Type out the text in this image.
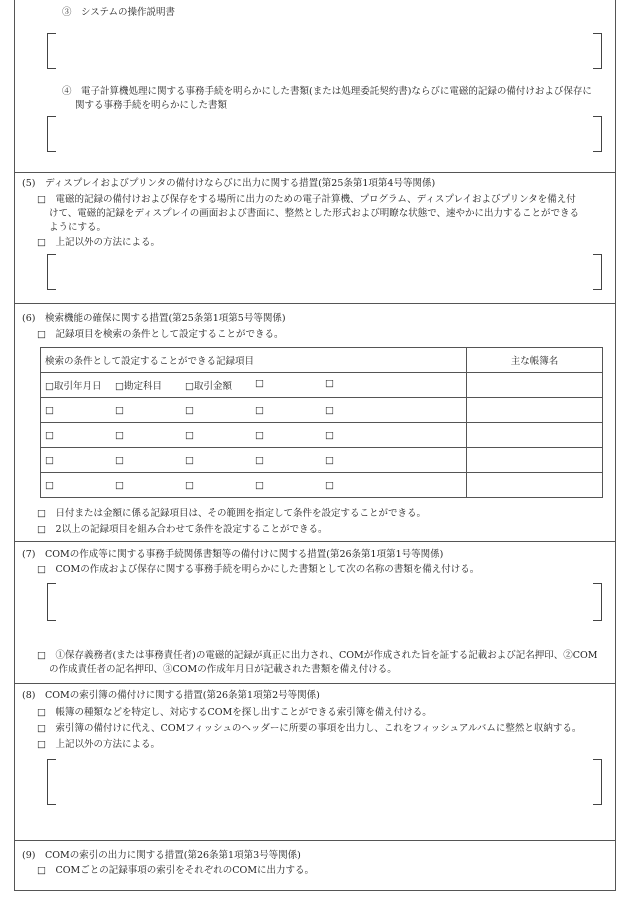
③　システムの操作説明書
④　電子計算機処理に関する事務手続を明らかにした書類(または処理委託契約書)ならびに電磁的記録の備付けおよび保存に
関する事務手続を明らかにした書類
(5)　ディスプレイおよびプリンタの備付けならびに出力に関する措置(第25条第1項第4号等関係)
□　電磁的記録の備付けおよび保存をする場所に出力のための電子計算機、プログラム、ディスプレイおよびプリンタを備え付
けて、電磁的記録をディスプレイの画面および書面に、整然とした形式および明瞭な状態で、速やかに出力することができる
ようにする。
□　上記以外の方法による。
(6)　検索機能の確保に関する措置(第25条第1項第5号等関係)
□　記録項目を検索の条件として設定することができる。
検索の条件として設定することができる記録項目	主な帳簿名

□取引年月日 □勘定科目 □取引金額 □ □	

□ □ □ □ □	

□ □ □ □ □	

□ □ □ □ □	

□ □ □ □ □	

□　日付または金額に係る記録項目は、その範囲を指定して条件を設定することができる。
□　2以上の記録項目を組み合わせて条件を設定することができる。
(7)　COMの作成等に関する事務手続関係書類等の備付けに関する措置(第26条第1項第1号等関係)
□　COMの作成および保存に関する事務手続を明らかにした書類として次の名称の書類を備え付ける。
□　①保存義務者(または事務責任者)の電磁的記録が真正に出力され、COMが作成された旨を証する記載および記名押印、②COM
の作成責任者の記名押印、③COMの作成年月日が記載された書類を備え付ける。
(8)　COMの索引簿の備付けに関する措置(第26条第1項第2号等関係)
□　帳簿の種類などを特定し、対応するCOMを探し出すことができる索引簿を備え付ける。
□　索引簿の備付けに代え、COMフィッシュのヘッダーに所要の事項を出力し、これをフィッシュアルバムに整然と収納する。
□　上記以外の方法による。
(9)　COMの索引の出力に関する措置(第26条第1項第3号等関係)
□　COMごとの記録事項の索引をそれぞれのCOMに出力する。
